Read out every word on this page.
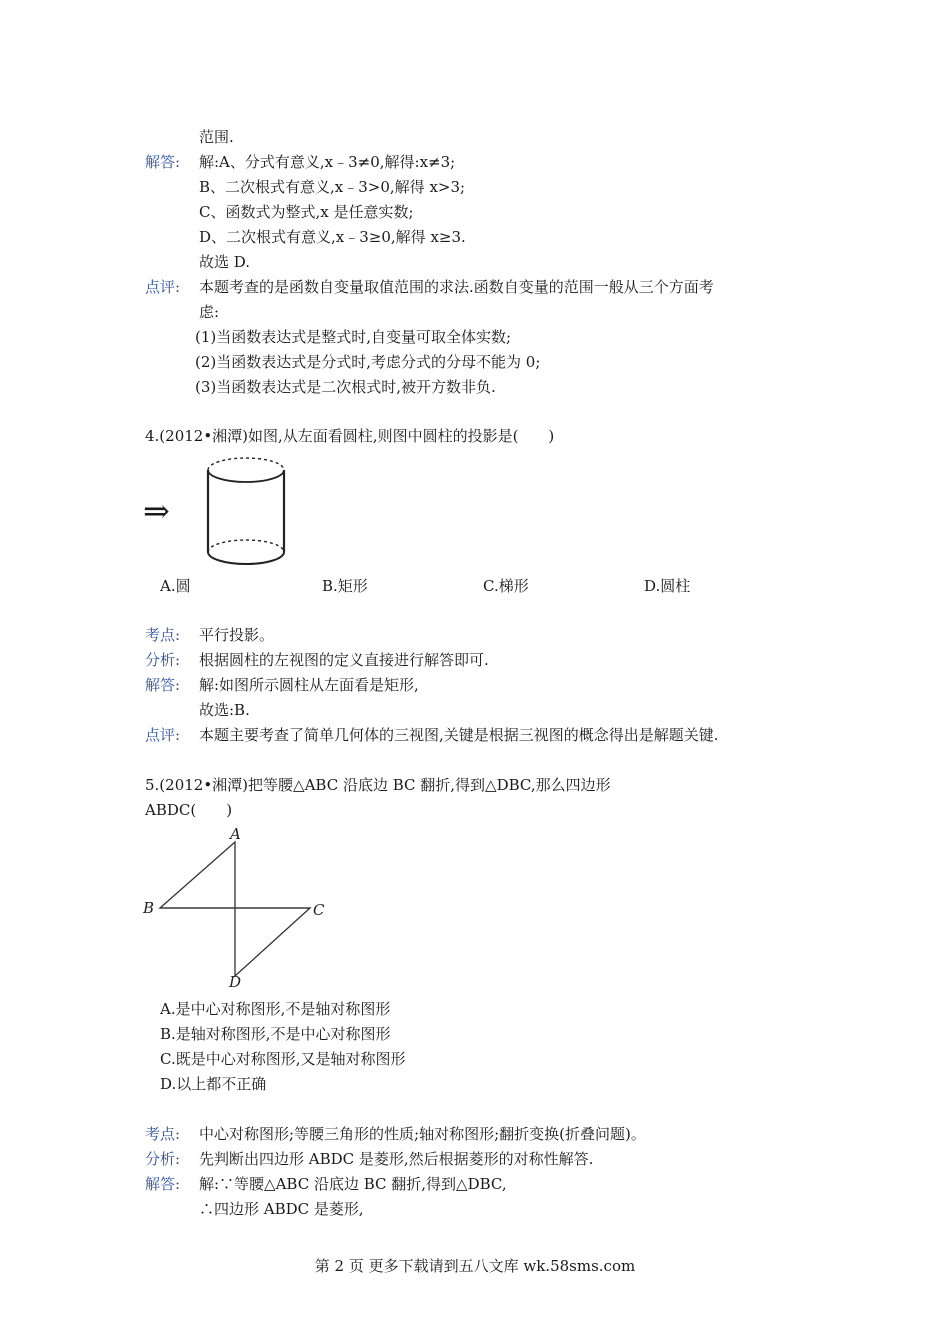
范围.
解答: 解:A、分式有意义,x﹣3≠0,解得:x≠3;
B、二次根式有意义,x﹣3>0,解得 x>3;
C、函数式为整式,x 是任意实数;
D、二次根式有意义,x﹣3≥0,解得 x≥3.
故选 D.
点评: 本题考查的是函数自变量取值范围的求法.函数自变量的范围一般从三个方面考
虑:
(1)当函数表达式是整式时,自变量可取全体实数;
(2)当函数表达式是分式时,考虑分式的分母不能为 0;
(3)当函数表达式是二次根式时,被开方数非负.
4.(2012•湘潭)如图,从左面看圆柱,则图中圆柱的投影是(　　)
⇒
A.圆	B.矩形	C.梯形	D.圆柱
考点: 平行投影。
分析: 根据圆柱的左视图的定义直接进行解答即可.
解答: 解:如图所示圆柱从左面看是矩形,
故选:B.
点评: 本题主要考查了简单几何体的三视图,关键是根据三视图的概念得出是解题关键.
5.(2012•湘潭)把等腰△ABC 沿底边 BC 翻折,得到△DBC,那么四边形
ABDC(　　)
A
B	C
D
A.是中心对称图形,不是轴对称图形
B.是轴对称图形,不是中心对称图形
C.既是中心对称图形,又是轴对称图形
D.以上都不正确
考点: 中心对称图形;等腰三角形的性质;轴对称图形;翻折变换(折叠问题)。
分析: 先判断出四边形 ABDC 是菱形,然后根据菱形的对称性解答.
解答: 解:∵等腰△ABC 沿底边 BC 翻折,得到△DBC,
∴四边形 ABDC 是菱形,
第 2 页 更多下载请到五八文库 wk.58sms.com
